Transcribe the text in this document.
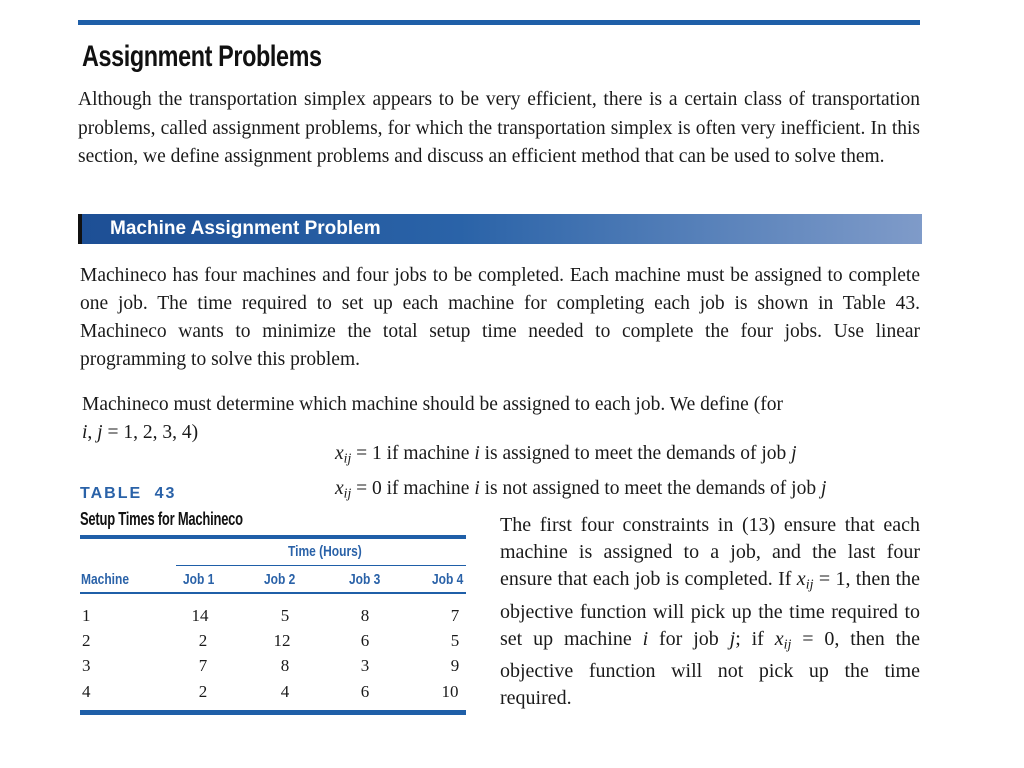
Assignment Problems
Although the transportation simplex appears to be very efficient, there is a certain class of transportation problems, called assignment problems, for which the transportation simplex is often very inefficient. In this section, we define assignment problems and discuss an efficient method that can be used to solve them.
Machine Assignment Problem
Machineco has four machines and four jobs to be completed. Each machine must be assigned to complete one job. The time required to set up each machine for completing each job is shown in Table 43. Machineco wants to minimize the total setup time needed to complete the four jobs. Use linear programming to solve this problem.
Machineco must determine which machine should be assigned to each job. We define (for
i, j = 1, 2, 3, 4)
$x_{ij} = 1$ if machine i is assigned to meet the demands of job j
$x_{ij} = 0$ if machine i is not assigned to meet the demands of job j
TABLE 43
Setup Times for Machineco
Time (Hours)
Machine	Job 1	Job 2	Job 3	Job 4
1	14	5	8	7
2	2	12	6	5
3	7	8	3	9
4	2	4	6	10
The first four constraints in (13) ensure that each machine is assigned to a job, and the last four ensure that each job is completed. If $x_{ij} = 1$, then the objective function will pick up the time required to set up machine i for job j; if $x_{ij} = 0$, then the objective function will not pick up the time required.
